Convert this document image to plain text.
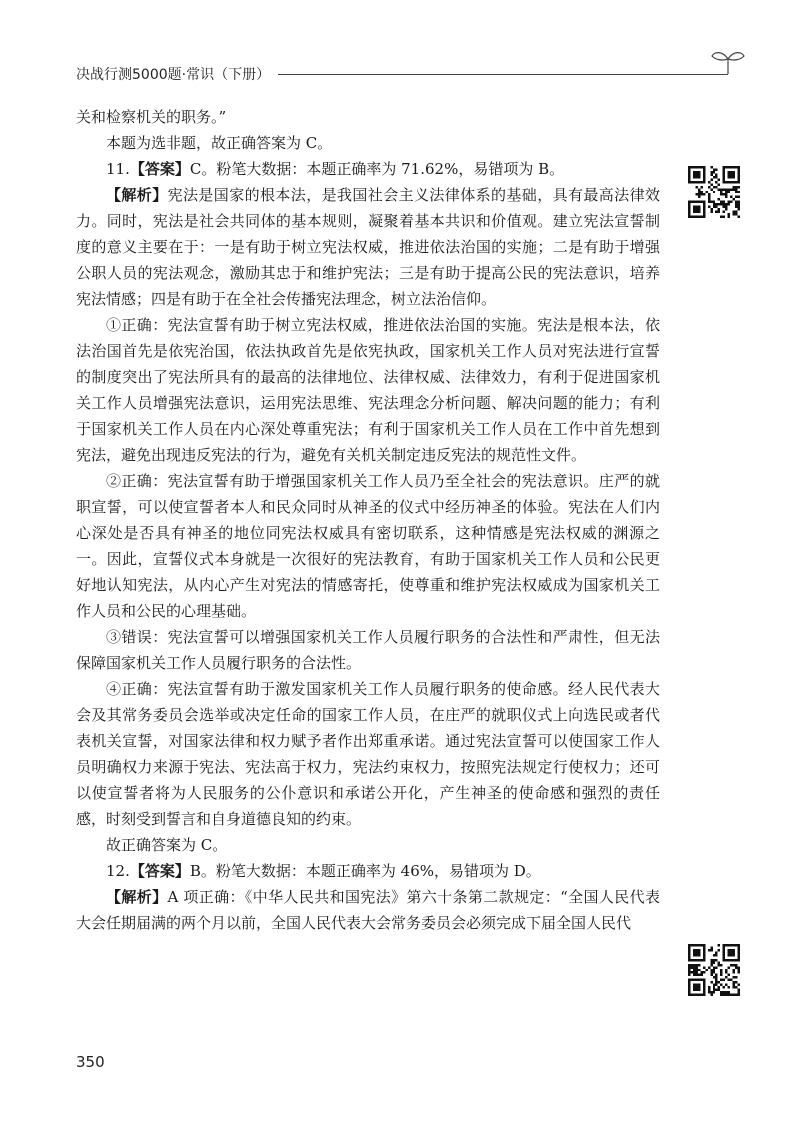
决战行测5000题·常识（下册）

关和检察机关的职务。”

本题为选非题，故正确答案为 C。

11.【答案】C。粉笔大数据：本题正确率为 71.62%，易错项为 B。

【解析】宪法是国家的根本法，是我国社会主义法律体系的基础，具有最高法律效力。同时，宪法是社会共同体的基本规则，凝聚着基本共识和价值观。建立宪法宣誓制度的意义主要在于：一是有助于树立宪法权威，推进依法治国的实施；二是有助于增强公职人员的宪法观念，激励其忠于和维护宪法；三是有助于提高公民的宪法意识，培养宪法情感；四是有助于在全社会传播宪法理念，树立法治信仰。

①正确：宪法宣誓有助于树立宪法权威，推进依法治国的实施。宪法是根本法，依法治国首先是依宪治国，依法执政首先是依宪执政，国家机关工作人员对宪法进行宣誓的制度突出了宪法所具有的最高的法律地位、法律权威、法律效力，有利于促进国家机关工作人员增强宪法意识，运用宪法思维、宪法理念分析问题、解决问题的能力；有利于国家机关工作人员在内心深处尊重宪法；有利于国家机关工作人员在工作中首先想到宪法，避免出现违反宪法的行为，避免有关机关制定违反宪法的规范性文件。

②正确：宪法宣誓有助于增强国家机关工作人员乃至全社会的宪法意识。庄严的就职宣誓，可以使宣誓者本人和民众同时从神圣的仪式中经历神圣的体验。宪法在人们内心深处是否具有神圣的地位同宪法权威具有密切联系，这种情感是宪法权威的渊源之一。因此，宣誓仪式本身就是一次很好的宪法教育，有助于国家机关工作人员和公民更好地认知宪法，从内心产生对宪法的情感寄托，使尊重和维护宪法权威成为国家机关工作人员和公民的心理基础。

③错误：宪法宣誓可以增强国家机关工作人员履行职务的合法性和严肃性，但无法保障国家机关工作人员履行职务的合法性。

④正确：宪法宣誓有助于激发国家机关工作人员履行职务的使命感。经人民代表大会及其常务委员会选举或决定任命的国家工作人员，在庄严的就职仪式上向选民或者代表机关宣誓，对国家法律和权力赋予者作出郑重承诺。通过宪法宣誓可以使国家工作人员明确权力来源于宪法、宪法高于权力，宪法约束权力，按照宪法规定行使权力；还可以使宣誓者将为人民服务的公仆意识和承诺公开化，产生神圣的使命感和强烈的责任感，时刻受到誓言和自身道德良知的约束。

故正确答案为 C。

12.【答案】B。粉笔大数据：本题正确率为 46%，易错项为 D。

【解析】A 项正确：《中华人民共和国宪法》第六十条第二款规定：“全国人民代表大会任期届满的两个月以前，全国人民代表大会常务委员会必须完成下届全国人民代

350
